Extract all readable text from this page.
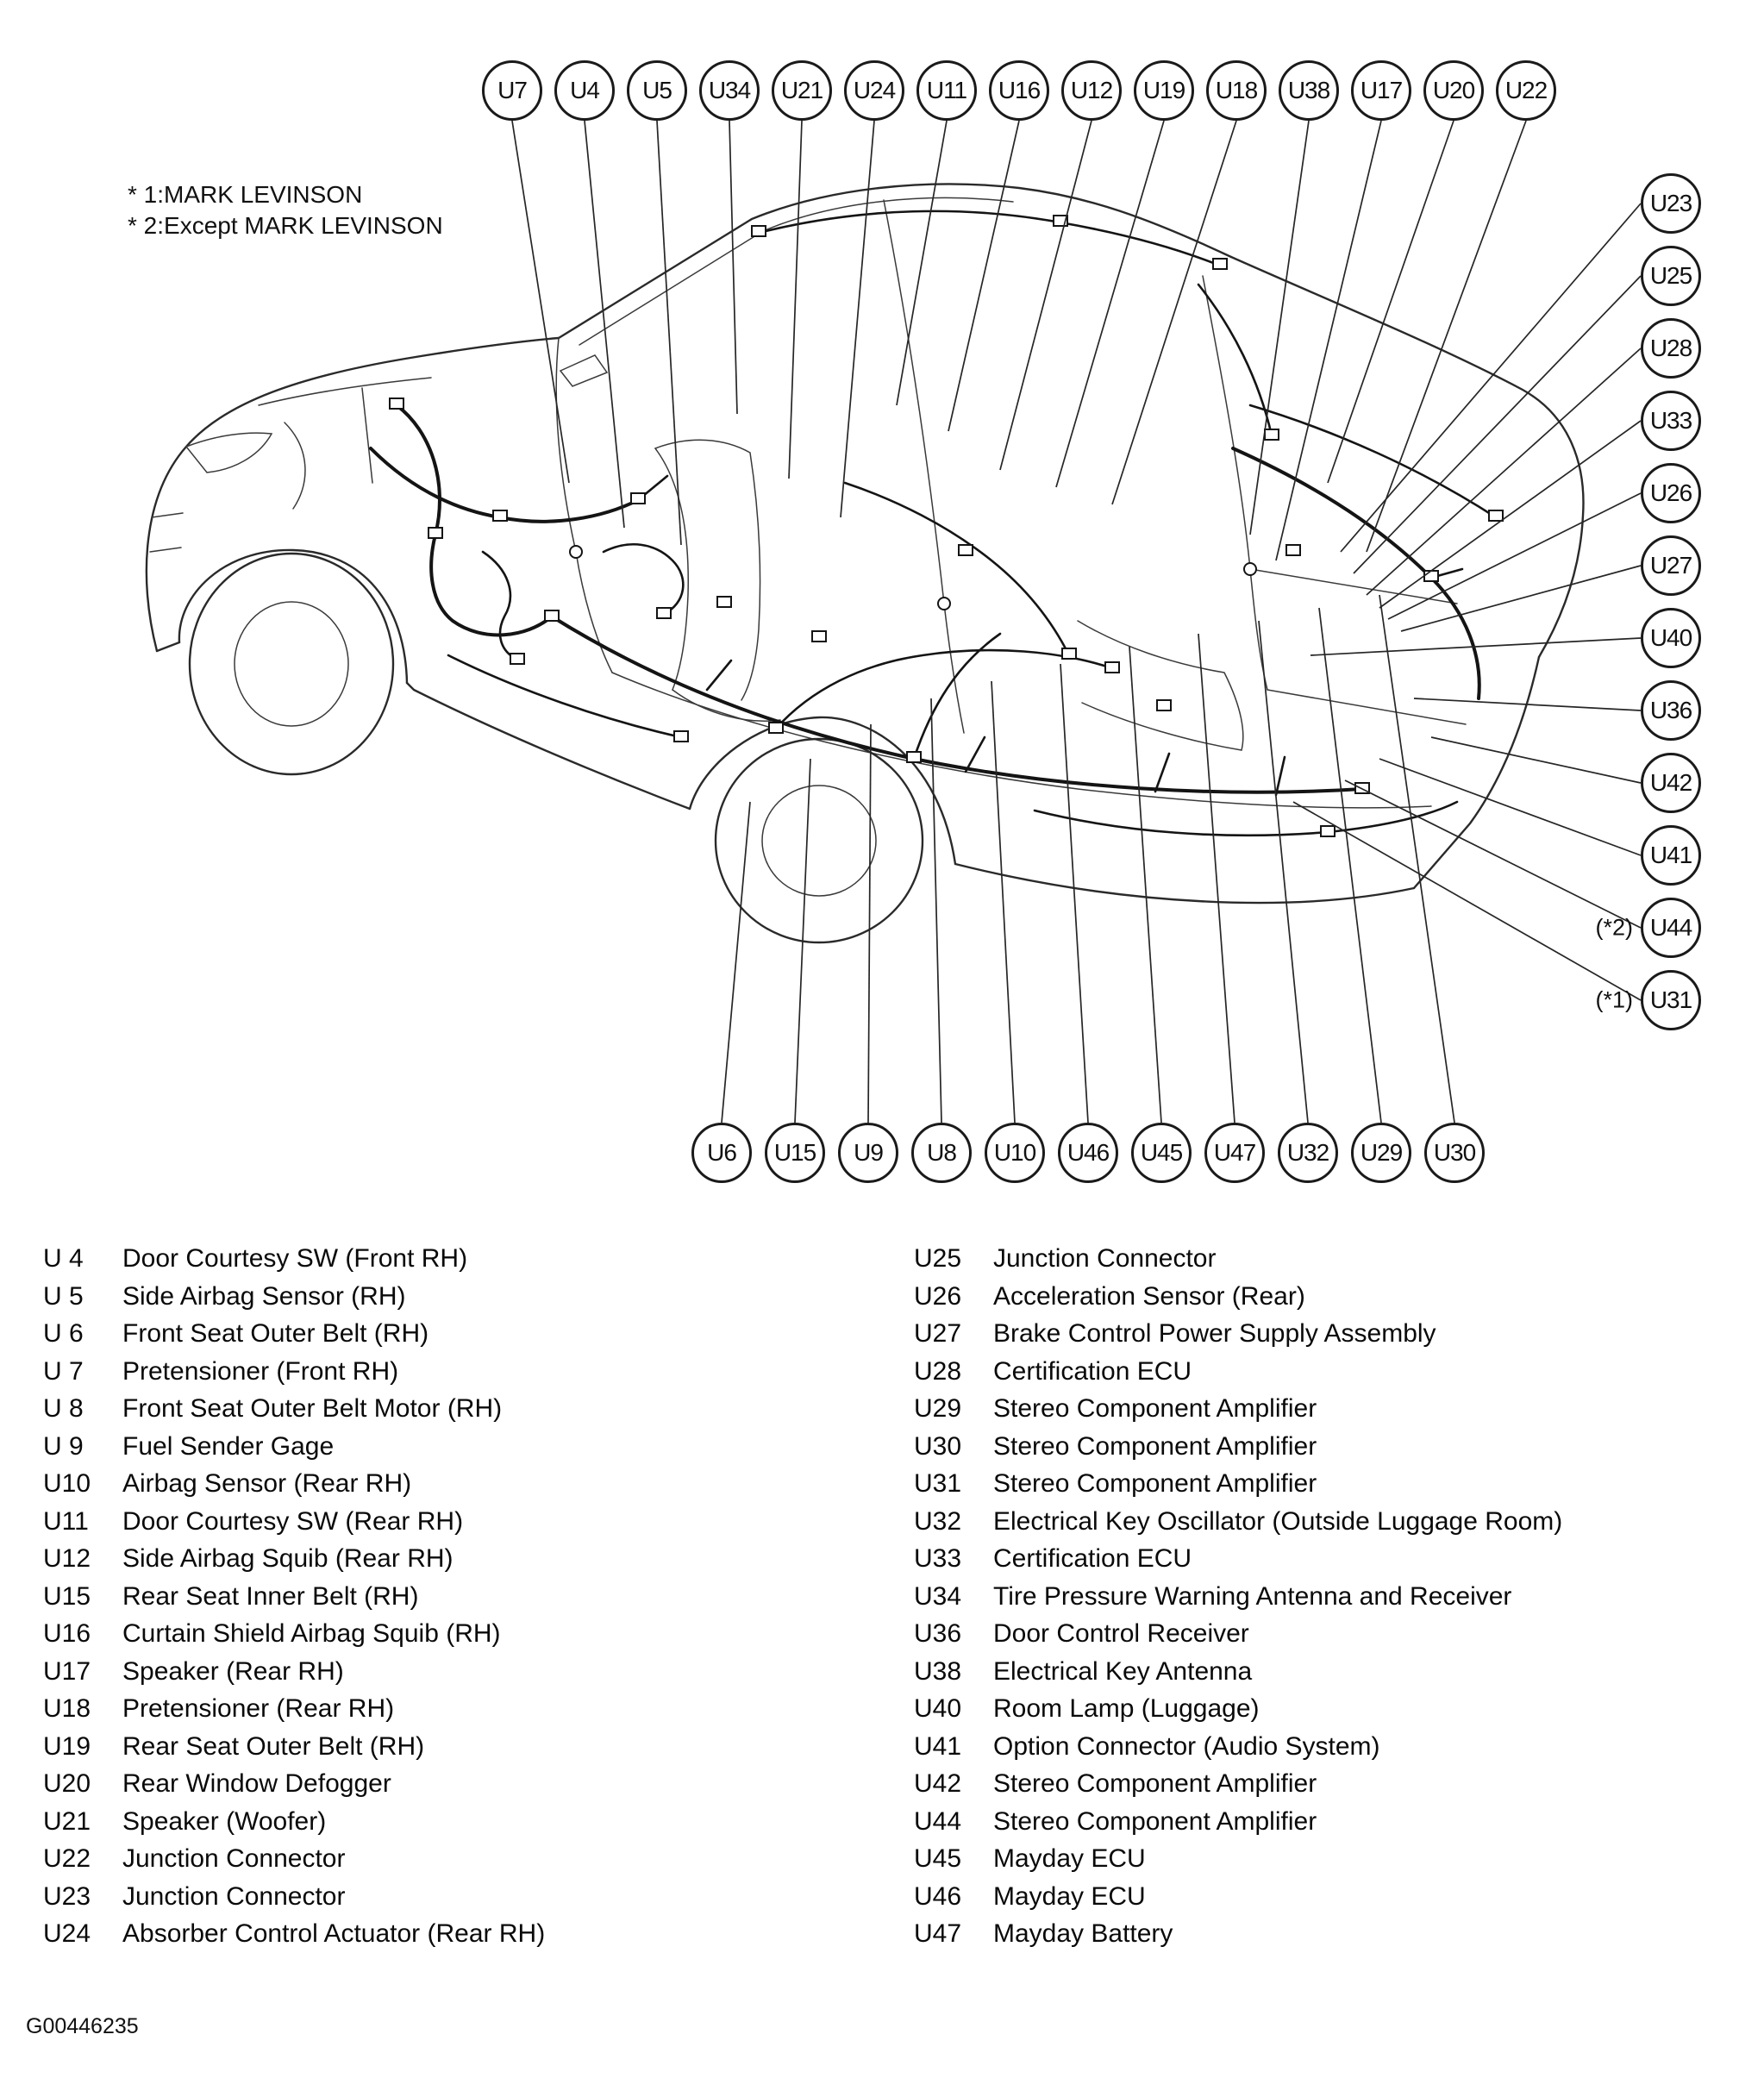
* 1:MARK LEVINSON
* 2:Except MARK LEVINSON
U7 U4 U5 U34 U21 U24 U11 U16 U12 U19 U18 U38 U17 U20 U22
U23
U25
U28
U33
U26
U27
U40
U36
U42
U41
U44
(*2)
U31
(*1)
U6 U15 U9 U8 U10 U46 U45 U47 U32 U29 U30
U 4	Door Courtesy SW (Front RH)
U 5	Side Airbag Sensor (RH)
U 6	Front Seat Outer Belt (RH)
U 7	Pretensioner (Front RH)
U 8	Front Seat Outer Belt Motor (RH)
U 9	Fuel Sender Gage
U10	Airbag Sensor (Rear RH)
U11	Door Courtesy SW (Rear RH)
U12	Side Airbag Squib (Rear RH)
U15	Rear Seat Inner Belt (RH)
U16	Curtain Shield Airbag Squib (RH)
U17	Speaker (Rear RH)
U18	Pretensioner (Rear RH)
U19	Rear Seat Outer Belt (RH)
U20	Rear Window Defogger
U21	Speaker (Woofer)
U22	Junction Connector
U23	Junction Connector
U24	Absorber Control Actuator (Rear RH)
U25	Junction Connector
U26	Acceleration Sensor (Rear)
U27	Brake Control Power Supply Assembly
U28	Certification ECU
U29	Stereo Component Amplifier
U30	Stereo Component Amplifier
U31	Stereo Component Amplifier
U32	Electrical Key Oscillator (Outside Luggage Room)
U33	Certification ECU
U34	Tire Pressure Warning Antenna and Receiver
U36	Door Control Receiver
U38	Electrical Key Antenna
U40	Room Lamp (Luggage)
U41	Option Connector (Audio System)
U42	Stereo Component Amplifier
U44	Stereo Component Amplifier
U45	Mayday ECU
U46	Mayday ECU
U47	Mayday Battery
G00446235
